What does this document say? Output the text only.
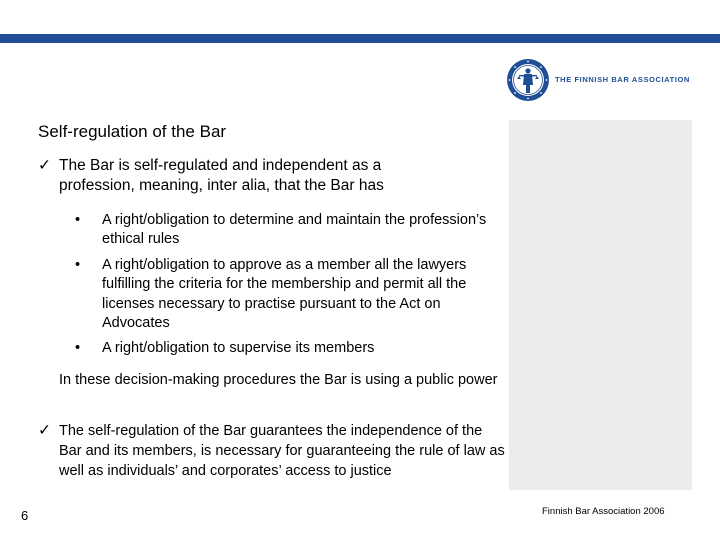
THE FINNISH BAR ASSOCIATION
Self-regulation of the Bar
✓ The Bar is self-regulated and independent as a profession, meaning, inter alia, that the Bar has
• A right/obligation to determine and maintain the profession’s ethical rules
• A right/obligation to approve as a member all the lawyers fulfilling the criteria for the membership and permit all the licenses necessary to practise pursuant to the Act on Advocates
• A right/obligation to supervise its members
In these decision-making procedures the Bar is using a public power
✓ The self-regulation of the Bar guarantees the independence of the Bar and its members, is necessary for guaranteeing the rule of law as well as individuals’ and corporates’ access to justice
6	Finnish Bar Association 2006
